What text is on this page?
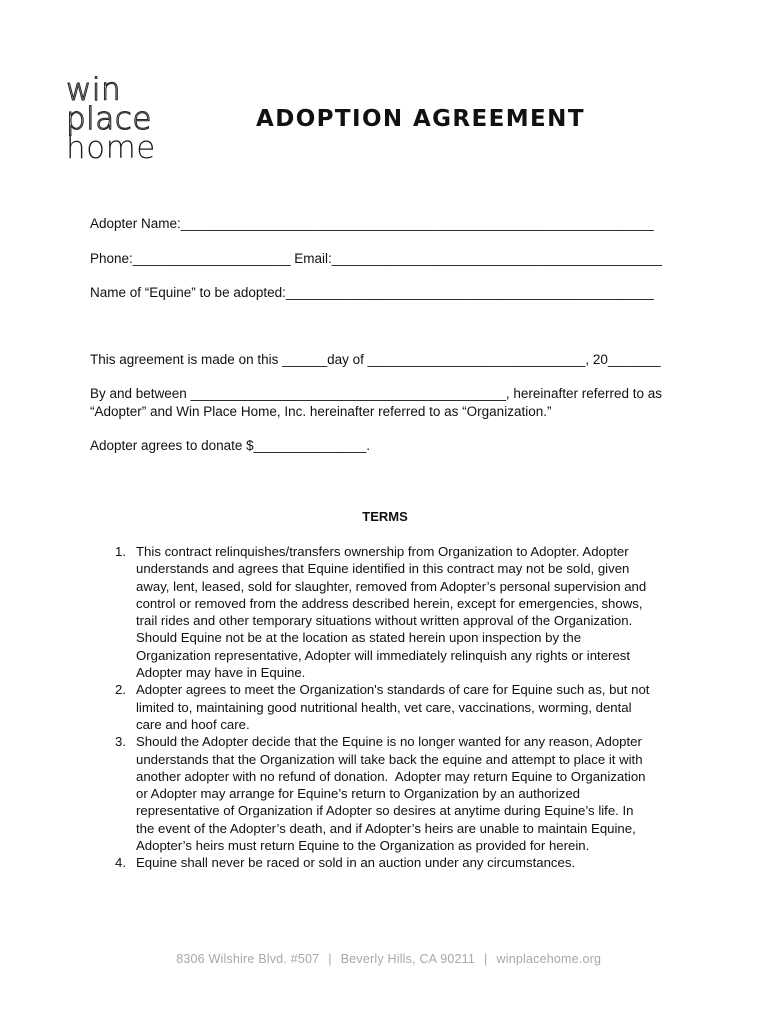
win
place
home
ADOPTION AGREEMENT
Adopter Name:_______________________________________________________________
Phone:_____________________ Email:____________________________________________
Name of “Equine” to be adopted:_________________________________________________
This agreement is made on this ______day of _____________________________, 20_______
By and between __________________________________________, hereinafter referred to as
“Adopter” and Win Place Home, Inc. hereinafter referred to as “Organization.”
Adopter agrees to donate $_______________.
TERMS
1. This contract relinquishes/transfers ownership from Organization to Adopter. Adopter
understands and agrees that Equine identified in this contract may not be sold, given
away, lent, leased, sold for slaughter, removed from Adopter’s personal supervision and
control or removed from the address described herein, except for emergencies, shows,
trail rides and other temporary situations without written approval of the Organization.
Should Equine not be at the location as stated herein upon inspection by the
Organization representative, Adopter will immediately relinquish any rights or interest
Adopter may have in Equine.
2. Adopter agrees to meet the Organization's standards of care for Equine such as, but not
limited to, maintaining good nutritional health, vet care, vaccinations, worming, dental
care and hoof care.
3. Should the Adopter decide that the Equine is no longer wanted for any reason, Adopter
understands that the Organization will take back the equine and attempt to place it with
another adopter with no refund of donation.  Adopter may return Equine to Organization
or Adopter may arrange for Equine’s return to Organization by an authorized
representative of Organization if Adopter so desires at anytime during Equine’s life. In
the event of the Adopter’s death, and if Adopter’s heirs are unable to maintain Equine,
Adopter’s heirs must return Equine to the Organization as provided for herein.
4. Equine shall never be raced or sold in an auction under any circumstances.

8306 Wilshire Blvd. #507 | Beverly Hills, CA 90211 | winplacehome.org
